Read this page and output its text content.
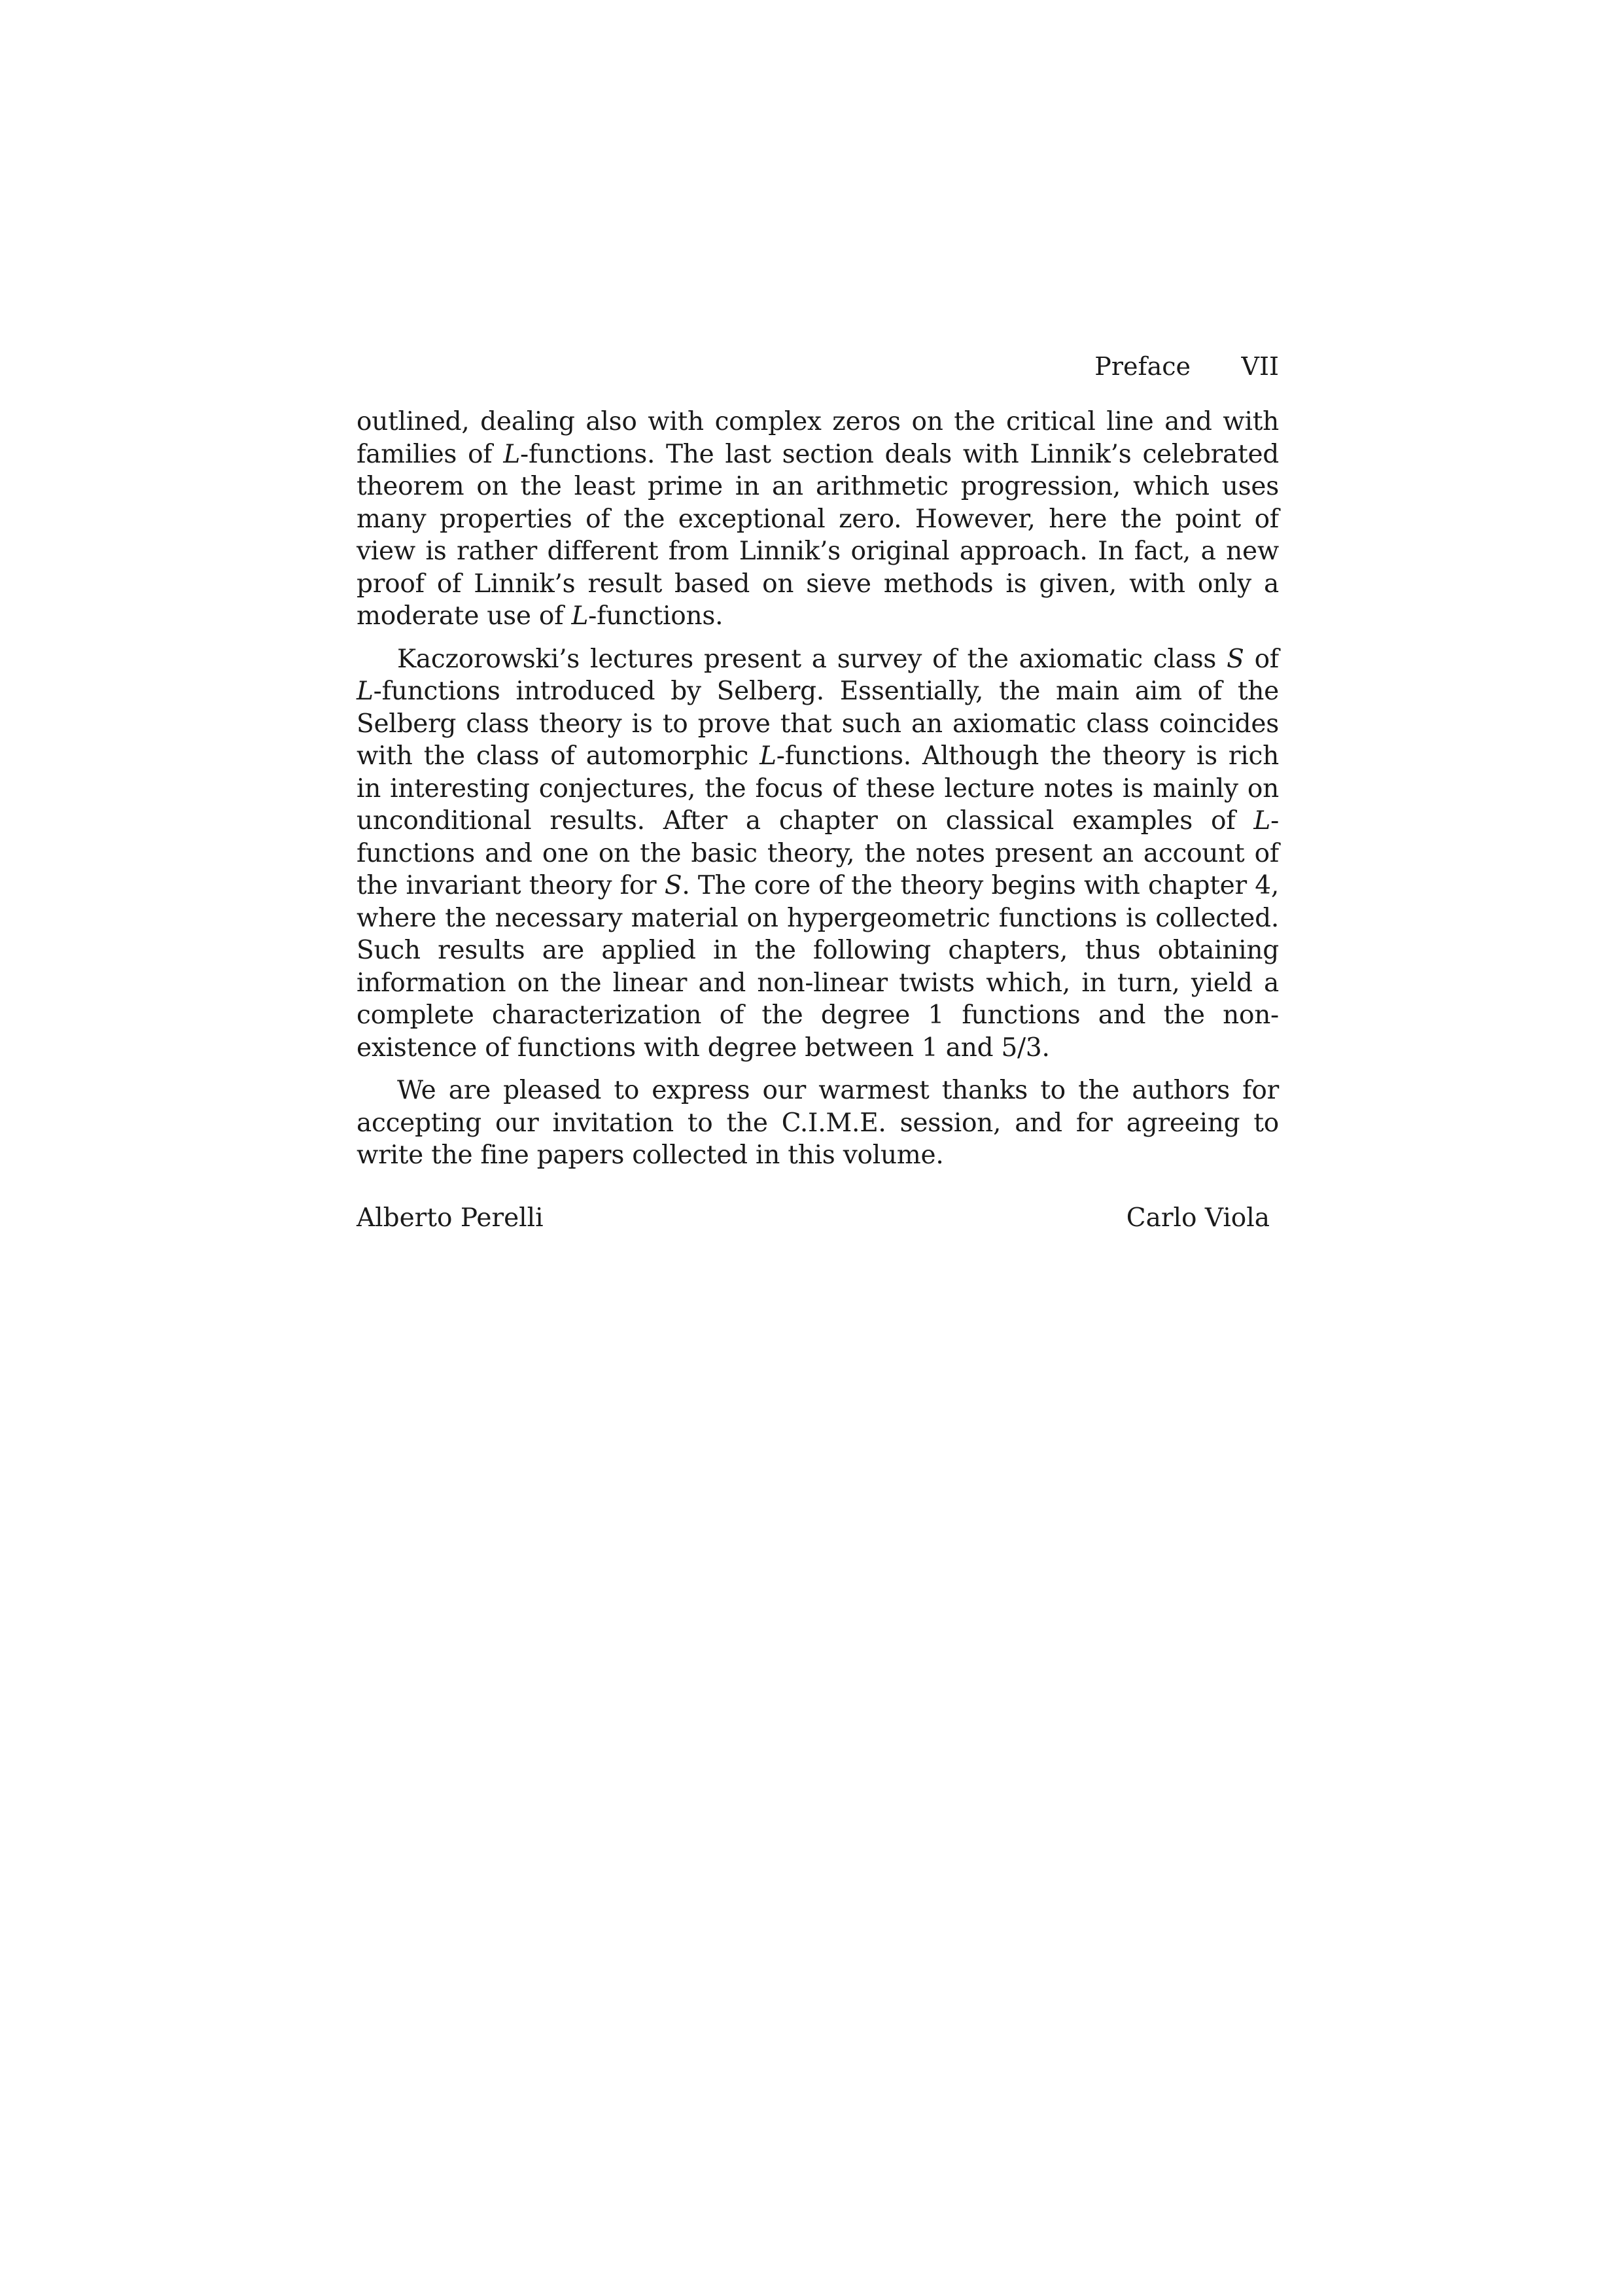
Preface VII

outlined, dealing also with complex zeros on the critical line and with families of L-functions. The last section deals with Linnik’s celebrated theorem on the least prime in an arithmetic progression, which uses many properties of the exceptional zero. However, here the point of view is rather different from Linnik’s original approach. In fact, a new proof of Linnik’s result based on sieve methods is given, with only a moderate use of L-functions.

Kaczorowski’s lectures present a survey of the axiomatic class S of L-functions introduced by Selberg. Essentially, the main aim of the Selberg class theory is to prove that such an axiomatic class coincides with the class of automorphic L-functions. Although the theory is rich in interesting conjectures, the focus of these lecture notes is mainly on unconditional results. After a chapter on classical examples of L-functions and one on the basic theory, the notes present an account of the invariant theory for S. The core of the theory begins with chapter 4, where the necessary material on hypergeometric functions is collected. Such results are applied in the following chapters, thus obtaining information on the linear and non-linear twists which, in turn, yield a complete characterization of the degree 1 functions and the non-existence of functions with degree between 1 and 5/3.

We are pleased to express our warmest thanks to the authors for accepting our invitation to the C.I.M.E. session, and for agreeing to write the fine papers collected in this volume.

Alberto Perelli	Carlo Viola
